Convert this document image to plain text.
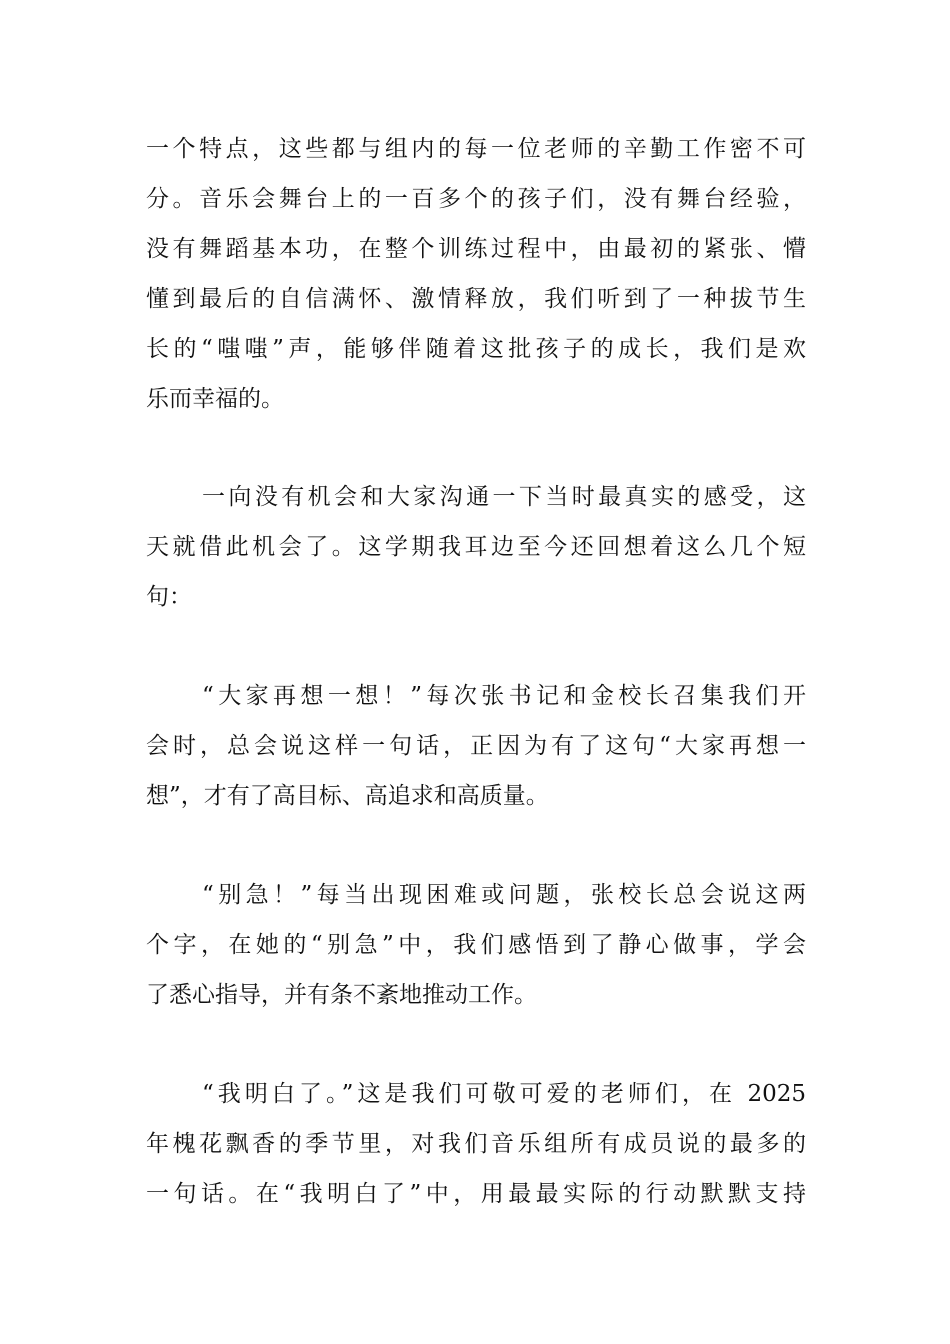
一个特点，这些都与组内的每一位老师的辛勤工作密不可
分。音乐会舞台上的一百多个的孩子们，没有舞台经验，
没有舞蹈基本功，在整个训练过程中，由最初的紧张、懵
懂到最后的自信满怀、激情释放，我们听到了一种拔节生
长的“嗤嗤”声，能够伴随着这批孩子的成长，我们是欢
乐而幸福的。
一向没有机会和大家沟通一下当时最真实的感受，这
天就借此机会了。这学期我耳边至今还回想着这么几个短
句：
“大家再想一想！”每次张书记和金校长召集我们开
会时，总会说这样一句话，正因为有了这句“大家再想一
想”，才有了高目标、高追求和高质量。
“别急！”每当出现困难或问题，张校长总会说这两
个字，在她的“别急”中，我们感悟到了静心做事，学会
了悉心指导，并有条不紊地推动工作。
“我明白了。”这是我们可敬可爱的老师们，在 2025
年槐花飘香的季节里，对我们音乐组所有成员说的最多的
一句话。在“我明白了”中，用最最实际的行动默默支持
